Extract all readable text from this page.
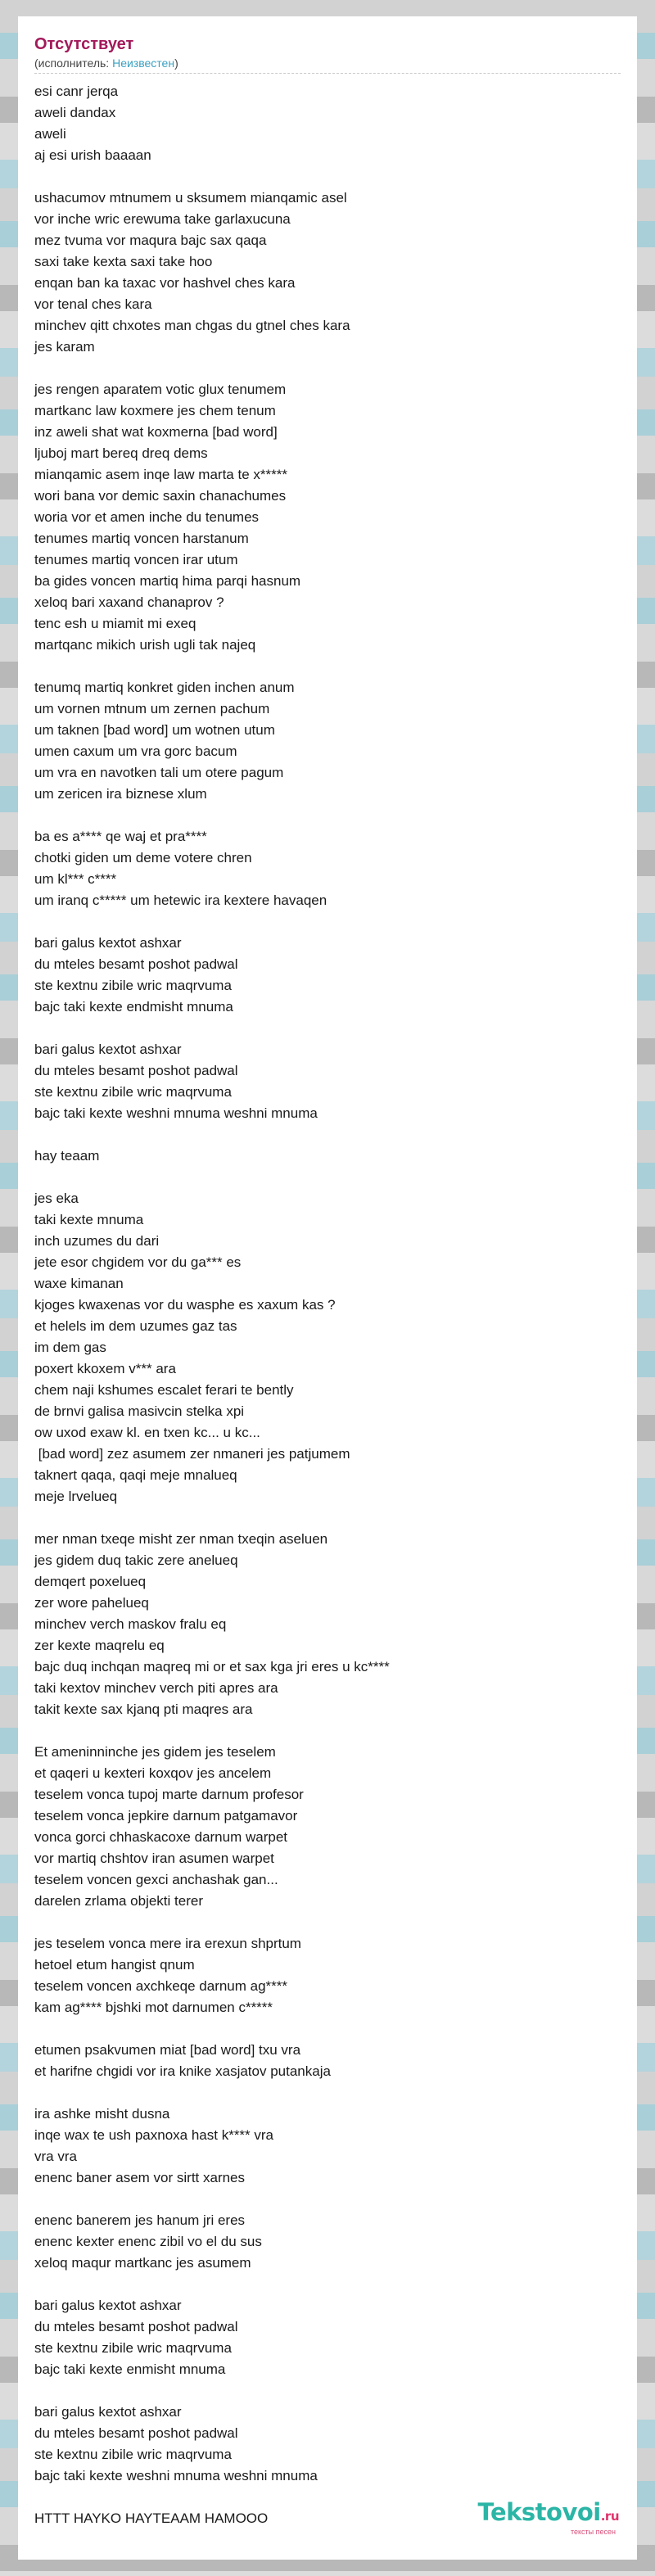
Отсутствует
(исполнитель: Неизвестен)
esi canr jerqa
aweli dandax
aweli
aj esi urish baaaan
ushacumov mtnumem u sksumem mianqamic asel
vor inche wric erewuma take garlaxucuna
mez tvuma vor maqura bajc sax qaqa
saxi take kexta saxi take hoo
enqan ban ka taxac vor hashvel ches kara
vor tenal ches kara
minchev qitt chxotes man chgas du gtnel ches kara
jes karam
jes rengen aparatem votic glux tenumem
martkanc law koxmere jes chem tenum
inz aweli shat wat koxmerna [bad word]
ljuboj mart bereq dreq dems
mianqamic asem inqe law marta te x*****
wori bana vor demic saxin chanachumes
woria vor et amen inche du tenumes
tenumes martiq voncen harstanum
tenumes martiq voncen irar utum
ba gides voncen martiq hima parqi hasnum
xeloq bari xaxand chanaprov ?
tenc esh u miamit mi exeq
martqanc mikich urish ugli tak najeq
tenumq martiq konkret giden inchen anum
um vornen mtnum um zernen pachum
um taknen [bad word] um wotnen utum
umen caxum um vra gorc bacum
um vra en navotken tali um otere pagum
um zericen ira biznese xlum
ba es a**** qe waj et pra****
chotki giden um deme votere chren
um kl*** c****
um iranq c***** um hetewic ira kextere havaqen
bari galus kextot ashxar
du mteles besamt poshot padwal
ste kextnu zibile wric maqrvuma
bajc taki kexte endmisht mnuma
bari galus kextot ashxar
du mteles besamt poshot padwal
ste kextnu zibile wric maqrvuma
bajc taki kexte weshni mnuma weshni mnuma
hay teaam
jes eka
taki kexte mnuma
inch uzumes du dari
jete esor chgidem vor du ga*** es
waxe kimanan
kjoges kwaxenas vor du wasphe es xaxum kas ?
et helels im dem uzumes gaz tas
im dem gas
poxert kkoxem v*** ara
chem naji kshumes escalet ferari te bently
de brnvi galisa masivcin stelka xpi
ow uxod exaw kl. en txen kc... u kc...
[bad word] zez asumem zer nmaneri jes patjumem
taknert qaqa, qaqi meje mnalueq
meje lrvelueq
mer nman txeqe misht zer nman txeqin aseluen
jes gidem duq takic zere anelueq
demqert poxelueq
zer wore pahelueq
minchev verch maskov fralu eq
zer kexte maqrelu eq
bajc duq inchqan maqreq mi or et sax kga jri eres u kc****
taki kextov minchev verch piti apres ara
takit kexte sax kjanq pti maqres ara
Et ameninninche jes gidem jes teselem
et qaqeri u kexteri koxqov jes ancelem
teselem vonca tupoj marte darnum profesor
teselem vonca jepkire darnum patgamavor
vonca gorci chhaskacoxe darnum warpet
vor martiq chshtov iran asumen warpet
teselem voncen gexci anchashak gan...
darelen zrlama objekti terer
jes teselem vonca mere ira erexun shprtum
hetoel etum hangist qnum
teselem voncen axchkeqe darnum ag****
kam ag**** bjshki mot darnumen c*****
etumen psakvumen miat [bad word] txu vra
et harifne chgidi vor ira knike xasjatov putankaja
ira ashke misht dusna
inqe wax te ush paxnoxa hast k**** vra
vra vra
enenc baner asem vor sirtt xarnes
enenc banerem jes hanum jri eres
enenc kexter enenc zibil vo el du sus
xeloq maqur martkanc jes asumem
bari galus kextot ashxar
du mteles besamt poshot padwal
ste kextnu zibile wric maqrvuma
bajc taki kexte enmisht mnuma
bari galus kextot ashxar
du mteles besamt poshot padwal
ste kextnu zibile wric maqrvuma
bajc taki kexte weshni mnuma weshni mnuma
HTTT HAYKO HAYTEAAM HAMOOO	Tekstovoi.ru
тексты песен
